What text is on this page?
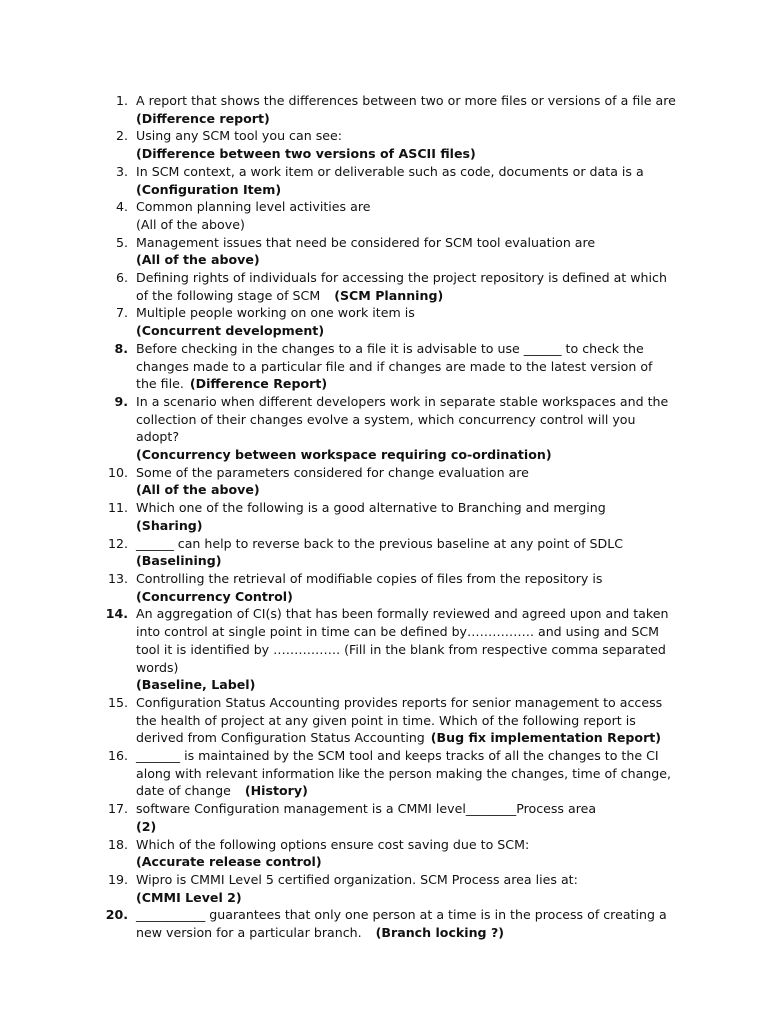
1. A report that shows the differences between two or more files or versions of a file are
(Difference report)
2. Using any SCM tool you can see:
(Difference between two versions of ASCII files)
3. In SCM context, a work item or deliverable such as code, documents or data is a
(Configuration Item)
4. Common planning level activities are
(All of the above)
5. Management issues that need be considered for SCM tool evaluation are
(All of the above)
6. Defining rights of individuals for accessing the project repository is defined at which of the following stage of SCM (SCM Planning)
7. Multiple people working on one work item is
(Concurrent development)
8. Before checking in the changes to a file it is advisable to use ______ to check the changes made to a particular file and if changes are made to the latest version of the file. (Difference Report)
9. In a scenario when different developers work in separate stable workspaces and the collection of their changes evolve a system, which concurrency control will you adopt?
(Concurrency between workspace requiring co-ordination)
10. Some of the parameters considered for change evaluation are
(All of the above)
11. Which one of the following is a good alternative to Branching and merging
(Sharing)
12. ______ can help to reverse back to the previous baseline at any point of SDLC
(Baselining)
13. Controlling the retrieval of modifiable copies of files from the repository is
(Concurrency Control)
14. An aggregation of CI(s) that has been formally reviewed and agreed upon and taken into control at single point in time can be defined by……………. and using and SCM tool it is identified by ……………. (Fill in the blank from respective comma separated words)
(Baseline, Label)
15. Configuration Status Accounting provides reports for senior management to access the health of project at any given point in time. Which of the following report is derived from Configuration Status Accounting (Bug fix implementation Report)
16. _______ is maintained by the SCM tool and keeps tracks of all the changes to the CI along with relevant information like the person making the changes, time of change, date of change (History)
17. software Configuration management is a CMMI level________Process area
(2)
18. Which of the following options ensure cost saving due to SCM:
(Accurate release control)
19. Wipro is CMMI Level 5 certified organization. SCM Process area lies at:
(CMMI Level 2)
20. ___________ guarantees that only one person at a time is in the process of creating a new version for a particular branch. (Branch locking ?)
